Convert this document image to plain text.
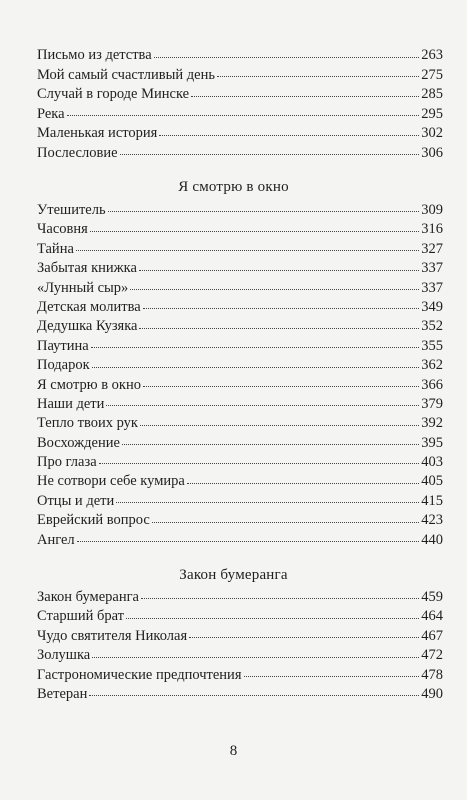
Письмо из детства	263
Мой самый счастливый день	275
Случай в городе Минске	285
Река	295
Маленькая история	302
Послесловие	306
Я смотрю в окно
Утешитель	309
Часовня	316
Тайна	327
Забытая книжка	337
«Лунный сыр»	337
Детская молитва	349
Дедушка Кузяка	352
Паутина	355
Подарок	362
Я смотрю в окно	366
Наши дети	379
Тепло твоих рук	392
Восхождение	395
Про глаза	403
Не сотвори себе кумира	405
Отцы и дети	415
Еврейский вопрос	423
Ангел	440
Закон бумеранга
Закон бумеранга	459
Старший брат	464
Чудо святителя Николая	467
Золушка	472
Гастрономические предпочтения	478
Ветеран	490
8
